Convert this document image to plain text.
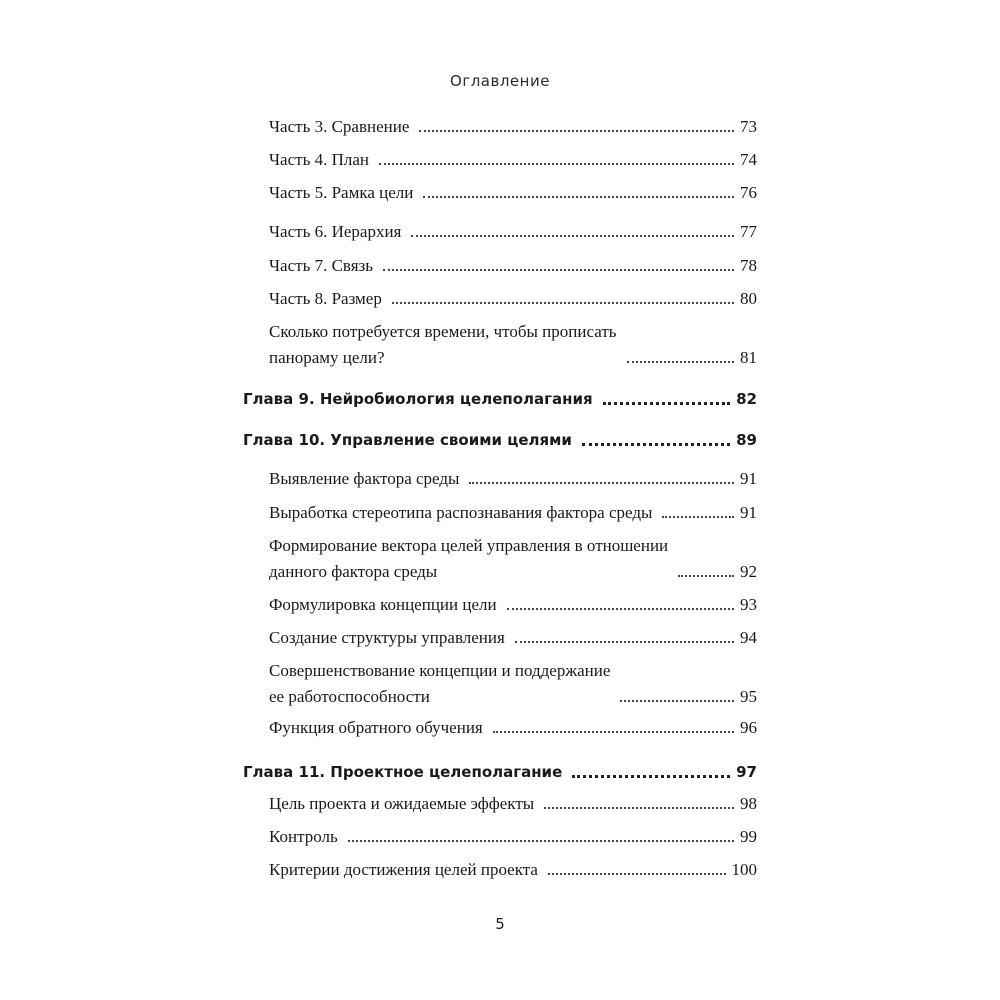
Оглавление
Часть 3. Сравнение	73
Часть 4. План	74
Часть 5. Рамка цели	76
Часть 6. Иерархия	77
Часть 7. Связь	78
Часть 8. Размер	80
Сколько потребуется времени, чтобы прописать
панораму цели?	81
Глава 9. Нейробиология целеполагания	82
Глава 10. Управление своими целями	89
Выявление фактора среды	91
Выработка стереотипа распознавания фактора среды	91
Формирование вектора целей управления в отношении
данного фактора среды	92
Формулировка концепции цели	93
Создание структуры управления	94
Совершенствование концепции и поддержание
ее работоспособности	95
Функция обратного обучения	96
Глава 11. Проектное целеполагание	97
Цель проекта и ожидаемые эффекты	98
Контроль	99
Критерии достижения целей проекта	100
5
